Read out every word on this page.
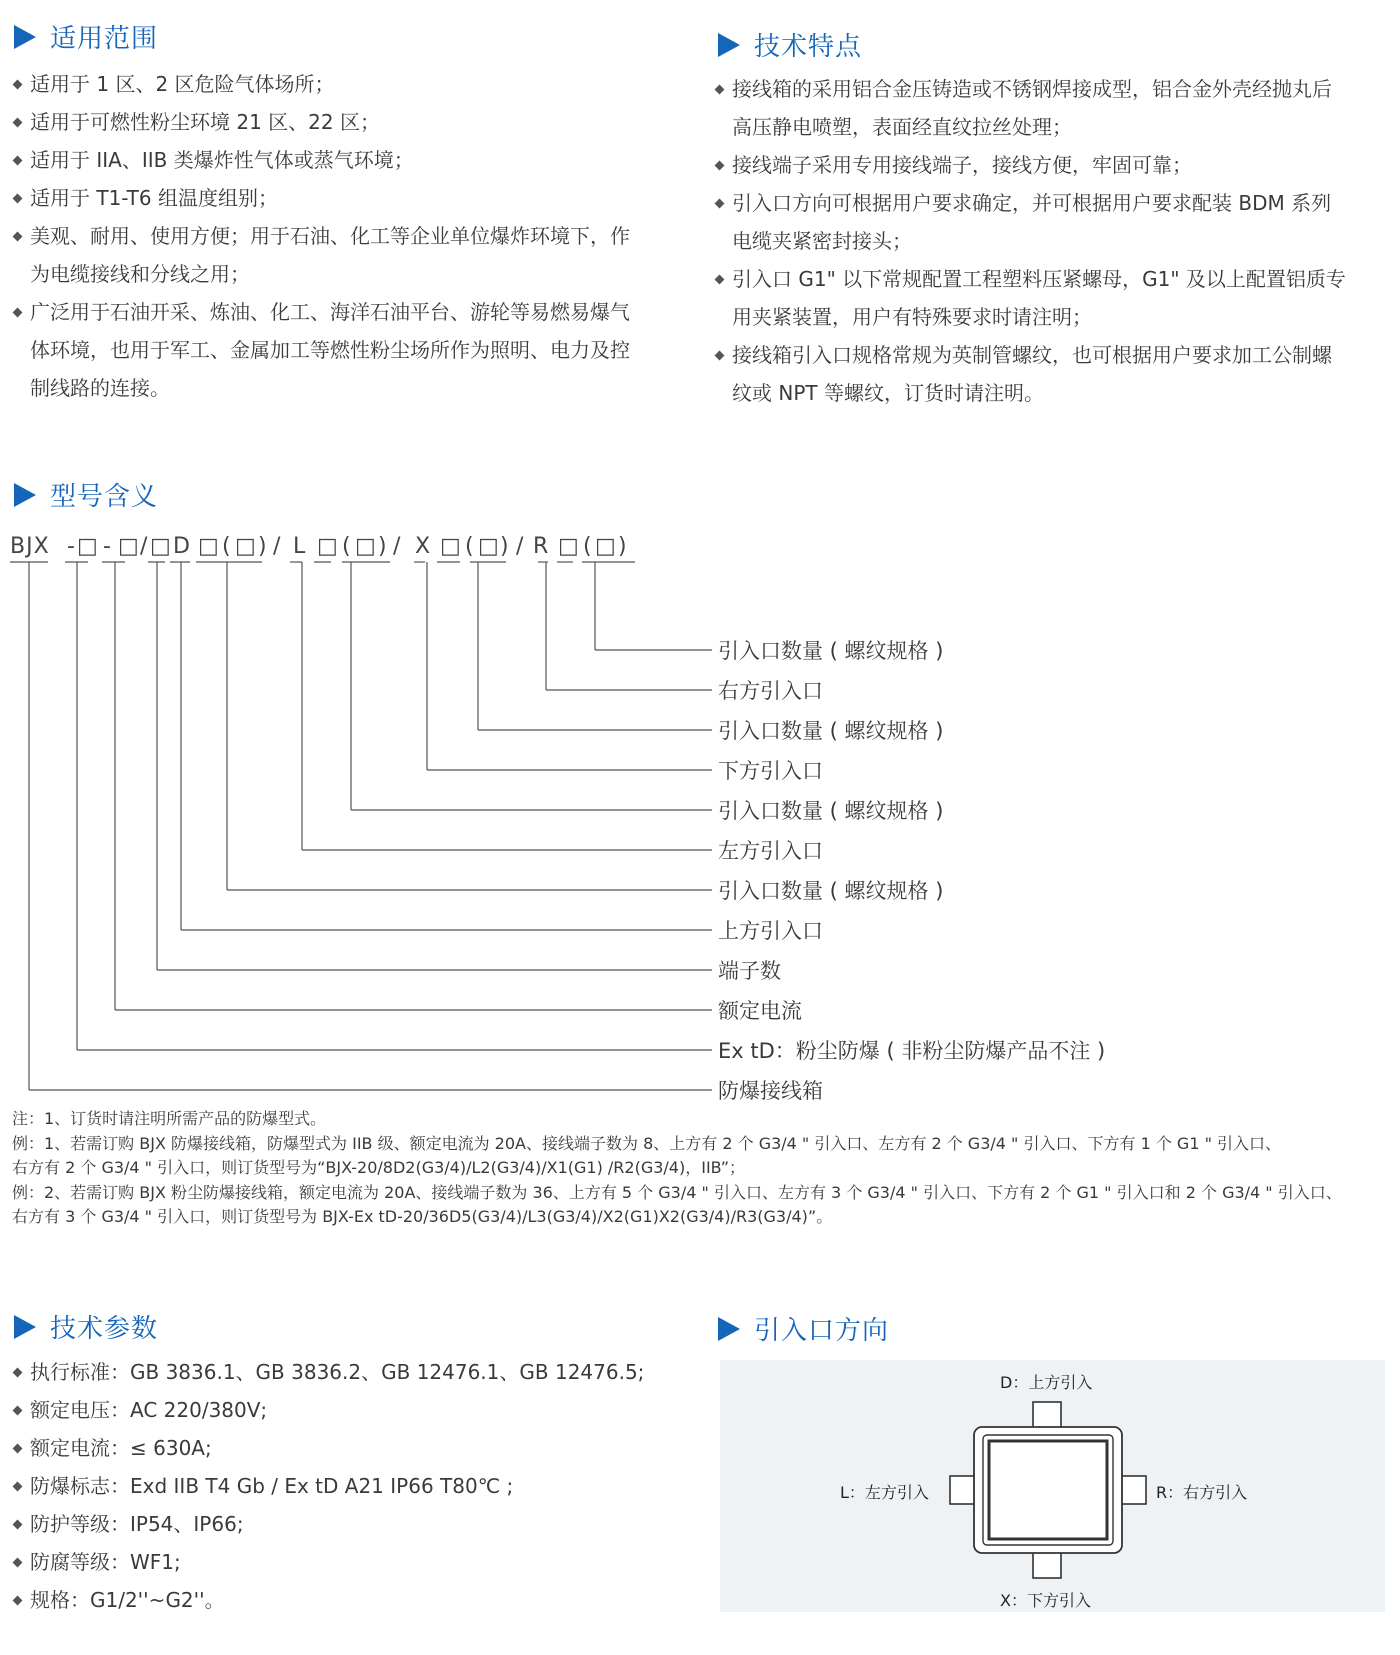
适用范围
适用于 1 区、2 区危险气体场所；
适用于可燃性粉尘环境 21 区、22 区；
适用于 IIA、IIB 类爆炸性气体或蒸气环境；
适用于 T1-T6 组温度组别；
美观、耐用、使用方便；用于石油、化工等企业单位爆炸环境下，作
为电缆接线和分线之用；
广泛用于石油开采、炼油、化工、海洋石油平台、游轮等易燃易爆气
体环境，也用于军工、金属加工等燃性粉尘场所作为照明、电力及控
制线路的连接。
技术特点
接线箱的采用铝合金压铸造或不锈钢焊接成型，铝合金外壳经抛丸后
高压静电喷塑，表面经直纹拉丝处理；
接线端子采用专用接线端子，接线方便，牢固可靠；
引入口方向可根据用户要求确定，并可根据用户要求配装 BDM 系列
电缆夹紧密封接头；
引入口 G1" 以下常规配置工程塑料压紧螺母，G1" 及以上配置铝质专
用夹紧装置，用户有特殊要求时请注明；
接线箱引入口规格常规为英制管螺纹，也可根据用户要求加工公制螺
纹或 NPT 等螺纹，订货时请注明。
型号含义
BJX - □ - □ / □ D □ ( □ ) / L □ ( □ ) / X □ ( □ ) / R □ ( □ )
引入口数量 ( 螺纹规格 )
右方引入口
引入口数量 ( 螺纹规格 )
下方引入口
引入口数量 ( 螺纹规格 )
左方引入口
引入口数量 ( 螺纹规格 )
上方引入口
端子数
额定电流
Ex tD：粉尘防爆 ( 非粉尘防爆产品不注 )
防爆接线箱
注：1、订货时请注明所需产品的防爆型式。
例：1、若需订购 BJX 防爆接线箱，防爆型式为 IIB 级、额定电流为 20A、接线端子数为 8、上方有 2 个 G3/4 " 引入口、左方有 2 个 G3/4 " 引入口、下方有 1 个 G1 " 引入口、
右方有 2 个 G3/4 " 引入口，则订货型号为“BJX-20/8D2(G3/4)/L2(G3/4)/X1(G1) /R2(G3/4)，IIB”；
例：2、若需订购 BJX 粉尘防爆接线箱，额定电流为 20A、接线端子数为 36、上方有 5 个 G3/4 " 引入口、左方有 3 个 G3/4 " 引入口、下方有 2 个 G1 " 引入口和 2 个 G3/4 " 引入口、
右方有 3 个 G3/4 " 引入口，则订货型号为 BJX-Ex tD-20/36D5(G3/4)/L3(G3/4)/X2(G1)X2(G3/4)/R3(G3/4)”。
技术参数
执行标准：GB 3836.1、GB 3836.2、GB 12476.1、GB 12476.5;
额定电压：AC 220/380V;
额定电流：≤ 630A;
防爆标志：Exd IIB T4 Gb / Ex tD A21 IP66 T80℃ ;
防护等级：IP54、IP66;
防腐等级：WF1;
规格：G1/2''~G2''。
引入口方向
D：上方引入
L：左方引入	R：右方引入
X：下方引入
